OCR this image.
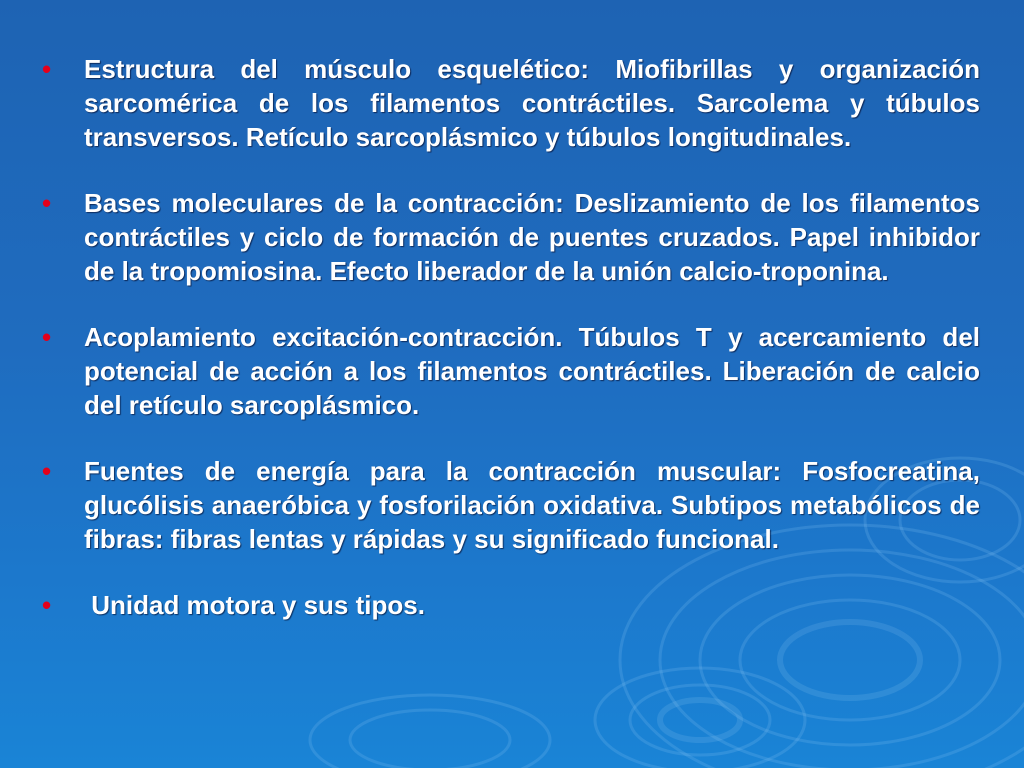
• Estructura del músculo esquelético: Miofibrillas y organización sarcomérica de los filamentos contráctiles. Sarcolema y túbulos transversos. Retículo sarcoplásmico y túbulos longitudinales.

• Bases moleculares de la contracción: Deslizamiento de los filamentos contráctiles y ciclo de formación de puentes cruzados. Papel inhibidor de la tropomiosina. Efecto liberador de la unión calcio-troponina.

• Acoplamiento excitación-contracción. Túbulos T y acercamiento del potencial de acción a los filamentos contráctiles. Liberación de calcio del retículo sarcoplásmico.

• Fuentes de energía para la contracción muscular: Fosfocreatina, glucólisis anaeróbica y fosforilación oxidativa. Subtipos metabólicos de fibras: fibras lentas y rápidas y su significado funcional.

• Unidad motora y sus tipos.
